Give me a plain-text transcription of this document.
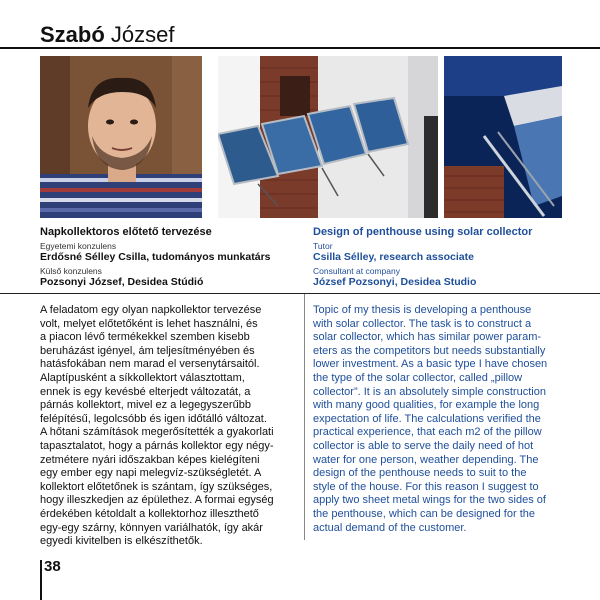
Szabó József
Napkollektoros előtető tervezése
Egyetemi konzulens
Erdősné Sélley Csilla, tudományos munkatárs
Külső konzulens
Pozsonyi József, Desidea Stúdió
Design of penthouse using solar collector
Tutor
Csilla Sélley, research associate
Consultant at company
József Pozsonyi, Desidea Studio
A feladatom egy olyan napkollektor tervezése
volt, melyet előtetőként is lehet használni, és
a piacon lévő termékekkel szemben kisebb
beruházást igényel, ám teljesítményében és
hatásfokában nem marad el versenytársaitól.
Alaptípusként a síkkollektort választottam,
ennek is egy kevésbé elterjedt változatát, a
párnás kollektort, mivel ez a legegyszerűbb
felépítésű, legolcsóbb és igen időtálló változat.
A hőtani számítások megerősítették a gyakorlati
tapasztalatot, hogy a párnás kollektor egy négy-
zetmétere nyári időszakban képes kielégíteni
egy ember egy napi melegvíz-szükségletét. A
kollektort előtetőnek is szántam, így szükséges,
hogy illeszkedjen az épülethez. A formai egység
érdekében kétoldalt a kollektorhoz illeszthető
egy-egy szárny, könnyen variálhatók, így akár
egyedi kivitelben is elkészíthetők.
Topic of my thesis is developing a penthouse
with solar collector. The task is to construct a
solar collector, which has similar power param-
eters as the competitors but needs substantially
lower investment. As a basic type I have chosen
the type of the solar collector, called „pillow
collector”. It is an absolutely simple construction
with many good qualities, for example the long
expectation of life. The calculations verified the
practical experience, that each m2 of the pillow
collector is able to serve the daily need of hot
water for one person, weather depending. The
design of the penthouse needs to suit to the
style of the house. For this reason I suggest to
apply two sheet metal wings for the two sides of
the penthouse, which can be designed for the
actual demand of the customer.
38
